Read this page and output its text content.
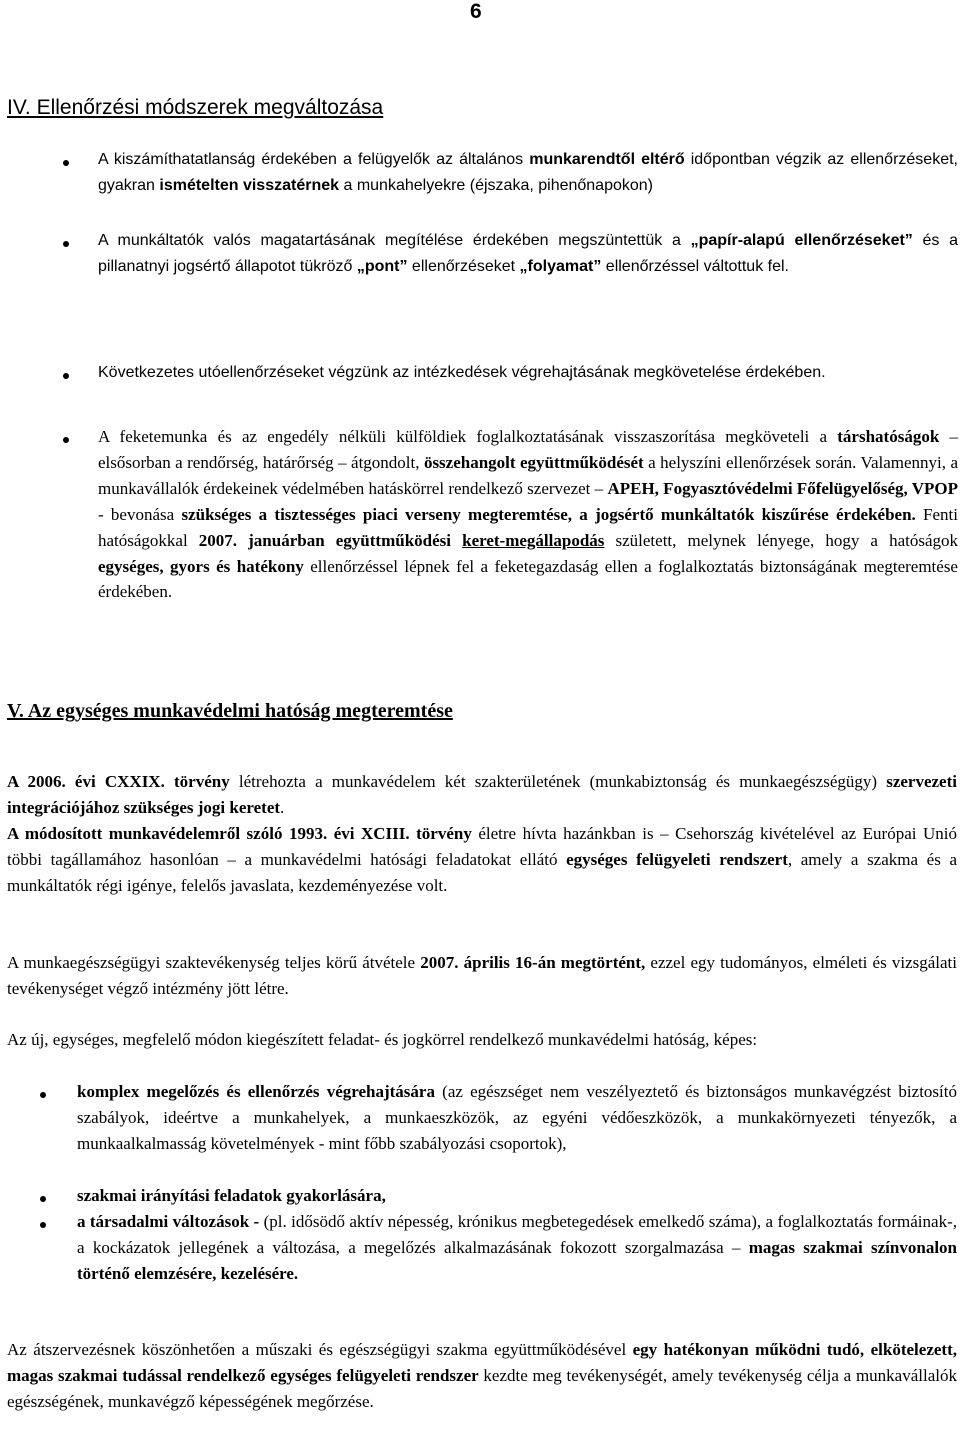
6
IV. Ellenőrzési módszerek megváltozása
A kiszámíthatatlanság érdekében a felügyelők az általános munkarendtől eltérő időpontban végzik az ellenőrzéseket, gyakran ismételten visszatérnek a munkahelyekre (éjszaka, pihenőnapokon)
A munkáltatók valós magatartásának megítélése érdekében megszüntettük a „papír-alapú ellenőrzéseket” és a pillanatnyi jogsértő állapotot tükröző „pont” ellenőrzéseket „folyamat” ellenőrzéssel váltottuk fel.
Következetes utóellenőrzéseket végzünk az intézkedések végrehajtásának megkövetelése érdekében.
A feketemunka és az engedély nélküli külföldiek foglalkoztatásának visszaszorítása megköveteli a társhatóságok – elsősorban a rendőrség, határőrség – átgondolt, összehangolt együttműködését a helyszíni ellenőrzések során. Valamennyi, a munkavállalók érdekeinek védelmében hatáskörrel rendelkező szervezet – APEH, Fogyasztóvédelmi Főfelügyelőség, VPOP - bevonása szükséges a tisztességes piaci verseny megteremtése, a jogsértő munkáltatók kiszűrése érdekében. Fenti hatóságokkal 2007. januárban együttműködési keret-megállapodás született, melynek lényege, hogy a hatóságok egységes, gyors és hatékony ellenőrzéssel lépnek fel a feketegazdaság ellen a foglalkoztatás biztonságának megteremtése érdekében.
V. Az egységes munkavédelmi hatóság megteremtése

A 2006. évi CXXIX. törvény létrehozta a munkavédelem két szakterületének (munkabiztonság és munkaegészségügy) szervezeti integrációjához szükséges jogi keretet.

A módosított munkavédelemről szóló 1993. évi XCIII. törvény életre hívta hazánkban is – Csehország kivételével az Európai Unió többi tagállamához hasonlóan – a munkavédelmi hatósági feladatokat ellátó egységes felügyeleti rendszert, amely a szakma és a munkáltatók régi igénye, felelős javaslata, kezdeményezése volt.

A munkaegészségügyi szaktevékenység teljes körű átvétele 2007. április 16-án megtörtént, ezzel egy tudományos, elméleti és vizsgálati tevékenységet végző intézmény jött létre.

Az új, egységes, megfelelő módon kiegészített feladat- és jogkörrel rendelkező munkavédelmi hatóság, képes:

komplex megelőzés és ellenőrzés végrehajtására (az egészséget nem veszélyeztető és biztonságos munkavégzést biztosító szabályok, ideértve a munkahelyek, a munkaeszközök, az egyéni védőeszközök, a munkakörnyezeti tényezők, a munkaalkalmasság követelmények - mint főbb szabályozási csoportok),
szakmai irányítási feladatok gyakorlására,
a társadalmi változások - (pl. idősödő aktív népesség, krónikus megbetegedések emelkedő száma), a foglalkoztatás formáinak-, a kockázatok jellegének a változása, a megelőzés alkalmazásának fokozott szorgalmazása – magas szakmai színvonalon történő elemzésére, kezelésére.

Az átszervezésnek köszönhetően a műszaki és egészségügyi szakma együttműködésével egy hatékonyan működni tudó, elkötelezett, magas szakmai tudással rendelkező egységes felügyeleti rendszer kezdte meg tevékenységét, amely tevékenység célja a munkavállalók egészségének, munkavégző képességének megőrzése.
